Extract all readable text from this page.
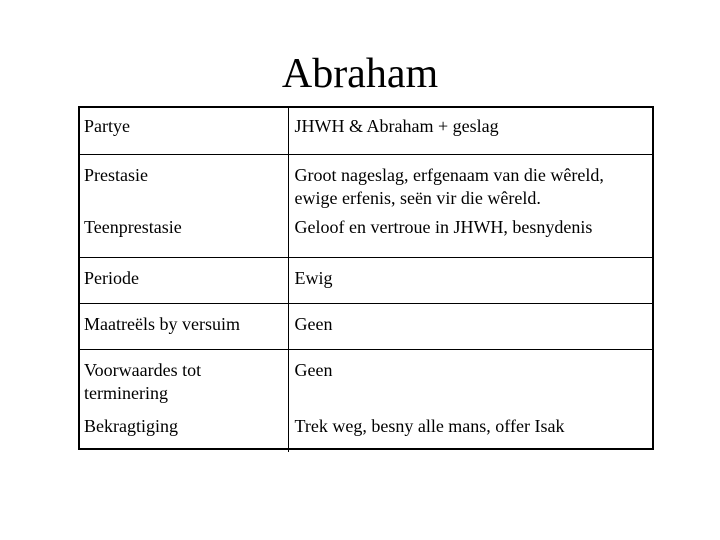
Abraham
Partye	JHWH & Abraham + geslag
Prestasie	Groot nageslag, erfgenaam van die wêreld, ewige erfenis, seën vir die wêreld.
Teenprestasie	Geloof en vertroue in JHWH, besnydenis
Periode	Ewig
Maatreëls by versuim	Geen
Voorwaardes tot terminering	Geen
Bekragtiging	Trek weg, besny alle mans, offer Isak
